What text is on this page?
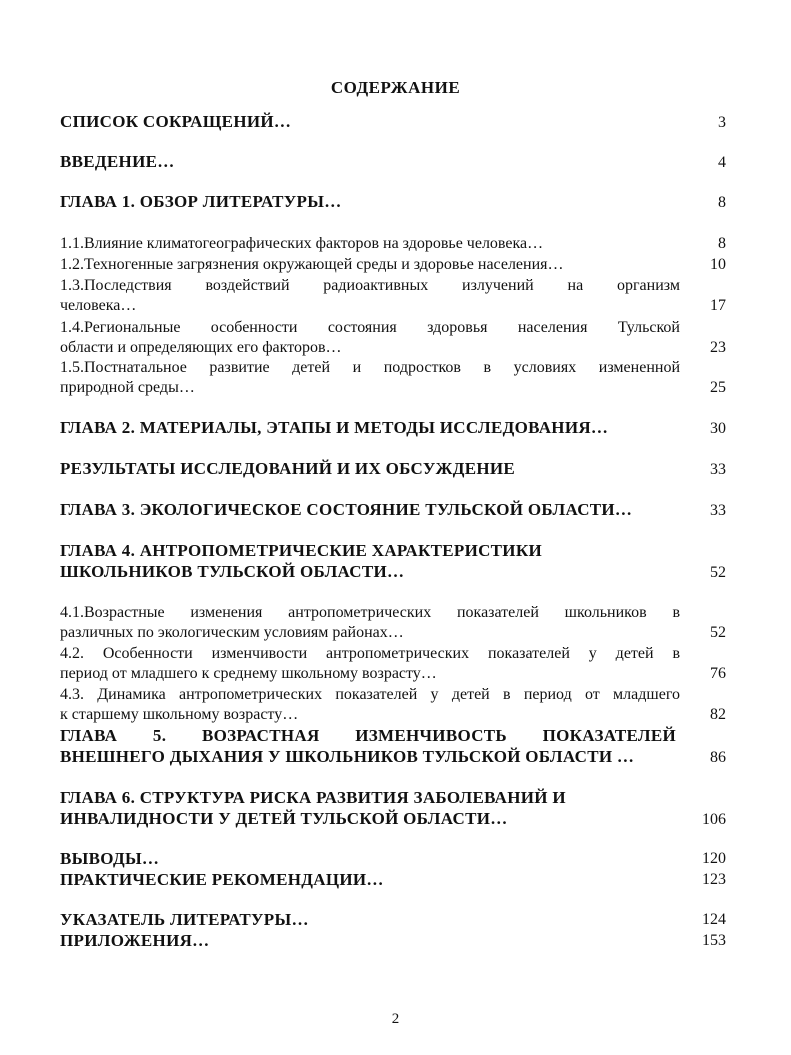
СОДЕРЖАНИЕ
СПИСОК СОКРАЩЕНИЙ…	3
ВВЕДЕНИЕ…	4
ГЛАВА 1. ОБЗОР ЛИТЕРАТУРЫ…	8
1.1.Влияние климатогеографических факторов на здоровье человека…	8
1.2.Техногенные загрязнения окружающей среды и здоровье населения…	10
1.3.Последствия воздействий радиоактивных излучений на организм
человека…	17
1.4.Региональные особенности состояния здоровья населения Тульской
области и определяющих его факторов…	23
1.5.Постнатальное развитие детей и подростков в условиях измененной
природной среды…	25
ГЛАВА 2. МАТЕРИАЛЫ, ЭТАПЫ И МЕТОДЫ ИССЛЕДОВАНИЯ…	30
РЕЗУЛЬТАТЫ ИССЛЕДОВАНИЙ И ИХ ОБСУЖДЕНИЕ	33
ГЛАВА 3. ЭКОЛОГИЧЕСКОЕ СОСТОЯНИЕ ТУЛЬСКОЙ ОБЛАСТИ…	33
ГЛАВА 4. АНТРОПОМЕТРИЧЕСКИЕ ХАРАКТЕРИСТИКИ
ШКОЛЬНИКОВ ТУЛЬСКОЙ ОБЛАСТИ…	52
4.1.Возрастные изменения антропометрических показателей школьников в
различных по экологическим условиям районах…	52
4.2. Особенности изменчивости антропометрических показателей у детей в
период от младшего к среднему школьному возрасту…	76
4.3. Динамика антропометрических показателей у детей в период от младшего
к старшему школьному возрасту…	82
ГЛАВА 5. ВОЗРАСТНАЯ ИЗМЕНЧИВОСТЬ ПОКАЗАТЕЛЕЙ
ВНЕШНЕГО ДЫХАНИЯ У ШКОЛЬНИКОВ ТУЛЬСКОЙ ОБЛАСТИ …	86
ГЛАВА 6. СТРУКТУРА РИСКА РАЗВИТИЯ ЗАБОЛЕВАНИЙ И
ИНВАЛИДНОСТИ У ДЕТЕЙ ТУЛЬСКОЙ ОБЛАСТИ…	106
ВЫВОДЫ…	120
ПРАКТИЧЕСКИЕ РЕКОМЕНДАЦИИ…	123
УКАЗАТЕЛЬ ЛИТЕРАТУРЫ…	124
ПРИЛОЖЕНИЯ…	153
2
